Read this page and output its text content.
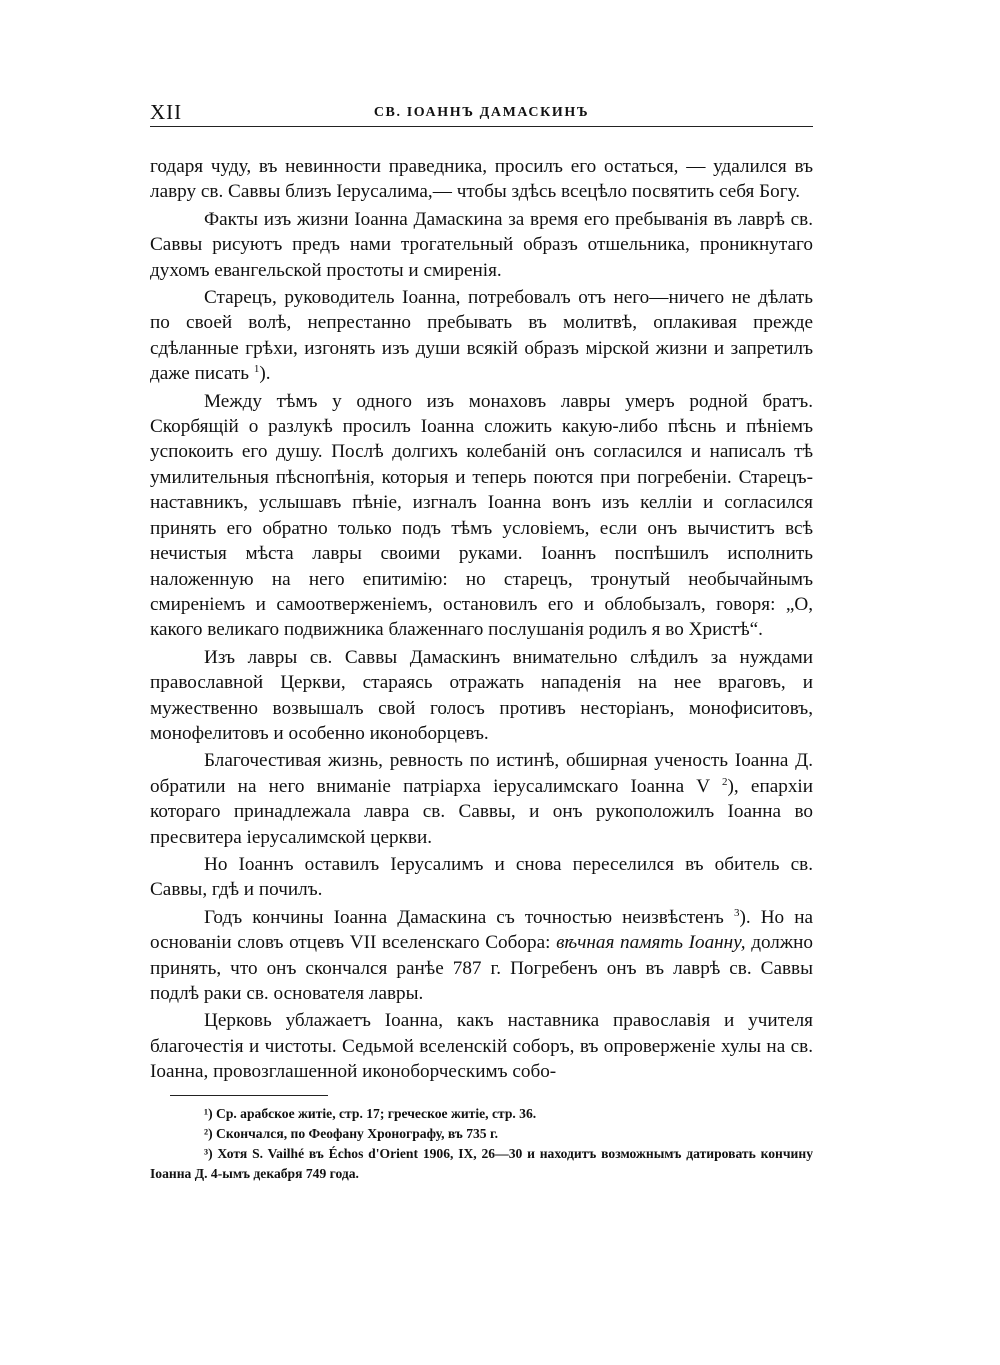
XII	СВ. ІОАННЪ ДАМАСКИНЪ

годаря чуду, въ невинности праведника, просилъ его остаться, — удалился въ лавру св. Саввы близъ Іерусалима,— чтобы здѣсь всецѣло посвятить себя Богу.

Факты изъ жизни Іоанна Дамаскина за время его пребыванія въ лаврѣ св. Саввы рисуютъ предъ нами трогательный образъ отшельника, проникнутаго духомъ евангельской простоты и смиренія.

Старецъ, руководитель Іоанна, потребовалъ отъ него—ничего не дѣлать по своей волѣ, непрестанно пребывать въ молитвѣ, оплакивая прежде сдѣланные грѣхи, изгонять изъ души всякій образъ мірской жизни и запретилъ даже писать $^1$).

Между тѣмъ у одного изъ монаховъ лавры умеръ родной братъ. Скорбящій о разлукѣ просилъ Іоанна сложить какую-либо пѣснь и пѣніемъ успокоить его душу. Послѣ долгихъ колебаній онъ согласился и написалъ тѣ умилительныя пѣснопѣнія, которыя и теперь поются при погребеніи. Старецъ-наставникъ, услышавъ пѣніе, изгналъ Іоанна вонъ изъ келліи и согласился принять его обратно только подъ тѣмъ условіемъ, если онъ вычиститъ всѣ нечистыя мѣста лавры своими руками. Іоаннъ поспѣшилъ исполнить наложенную на него епитимію: но старецъ, тронутый необычайнымъ смиреніемъ и самоотверженіемъ, остановилъ его и облобызалъ, говоря: „О, какого великаго подвижника блаженнаго послушанія родилъ я во Христѣ“.

Изъ лавры св. Саввы Дамаскинъ внимательно слѣдилъ за нуждами православной Церкви, стараясь отражать нападенія на нее враговъ, и мужественно возвышалъ свой голосъ противъ несторіанъ, монофиситовъ, монофелитовъ и особенно иконоборцевъ.

Благочестивая жизнь, ревность по истинѣ, обширная ученость Іоанна Д. обратили на него вниманіе патріарха іерусалимскаго Іоанна V $^2$), епархіи котораго принадлежала лавра св. Саввы, и онъ рукоположилъ Іоанна во пресвитера іерусалимской церкви.

Но Іоаннъ оставилъ Іерусалимъ и снова переселился въ обитель св. Саввы, гдѣ и почилъ.

Годъ кончины Іоанна Дамаскина съ точностью неизвѣстенъ $^3$). Но на основаніи словъ отцевъ VII вселенскаго Собора: вѣчная память Іоанну, должно принять, что онъ скончался ранѣе 787 г. Погребенъ онъ въ лаврѣ св. Саввы подлѣ раки св. основателя лавры.

Церковь ублажаетъ Іоанна, какъ наставника православія и учителя благочестія и чистоты. Седьмой вселенскій соборъ, въ опроверженіе хулы на св. Іоанна, провозглашенной иконоборческимъ собо-

¹) Ср. арабское житіе, стр. 17; греческое житіе, стр. 36.

²) Скончался, по Феофану Хронографу, въ 735 г.

³) Хотя S. Vailhé въ Échos d'Orient 1906, IX, 26—30 и находитъ возможнымъ датировать кончину Іоанна Д. 4-ымъ декабря 749 года.
